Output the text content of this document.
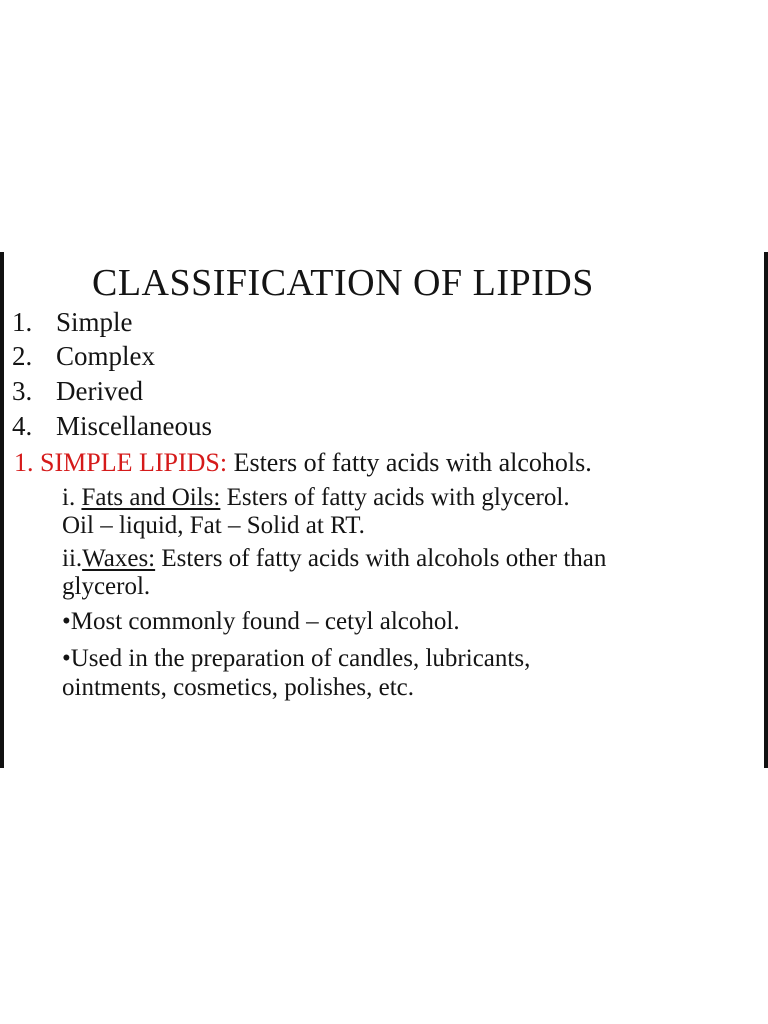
CLASSIFICATION OF LIPIDS
1. Simple
2. Complex
3. Derived
4. Miscellaneous
1. SIMPLE LIPIDS: Esters of fatty acids with alcohols.
i. Fats and Oils: Esters of fatty acids with glycerol.
Oil – liquid, Fat – Solid at RT.
ii.Waxes: Esters of fatty acids with alcohols other than
glycerol.
•Most commonly found – cetyl alcohol.
•Used in the preparation of candles, lubricants,
ointments, cosmetics, polishes, etc.
